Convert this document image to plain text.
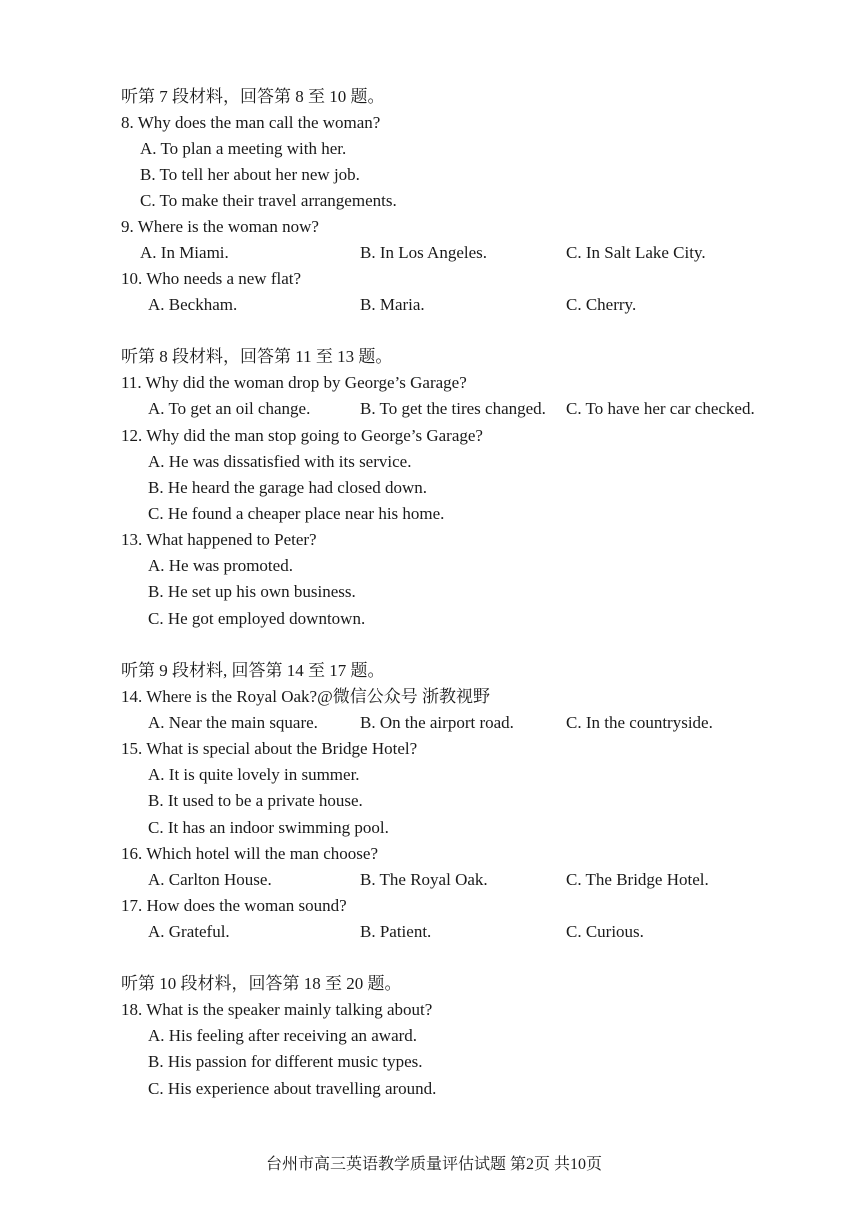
听第 7 段材料，回答第 8 至 10 题。
8. Why does the man call the woman?
A. To plan a meeting with her.
B. To tell her about her new job.
C. To make their travel arrangements.
9. Where is the woman now?
A. In Miami.	B. In Los Angeles.	C. In Salt Lake City.
10. Who needs a new flat?
A. Beckham.	B. Maria.	C. Cherry.
听第 8 段材料，回答第 11 至 13 题。
11. Why did the woman drop by George’s Garage?
A. To get an oil change.	B. To get the tires changed. C. To have her car checked.
12. Why did the man stop going to George’s Garage?
A. He was dissatisfied with its service.
B. He heard the garage had closed down.
C. He found a cheaper place near his home.
13. What happened to Peter?
A. He was promoted.
B. He set up his own business.
C. He got employed downtown.
听第 9 段材料, 回答第 14 至 17 题。
14. Where is the Royal Oak?@微信公众号 浙教视野
A. Near the main square. B. On the airport road.	C. In the countryside.
15. What is special about the Bridge Hotel?
A. It is quite lovely in summer.
B. It used to be a private house.
C. It has an indoor swimming pool.
16. Which hotel will the man choose?
A. Carlton House.	B. The Royal Oak.	C. The Bridge Hotel.
17. How does the woman sound?
A. Grateful.	B. Patient.	C. Curious.
听第 10 段材料，回答第 18 至 20 题。
18. What is the speaker mainly talking about?
A. His feeling after receiving an award.
B. His passion for different music types.
C. His experience about travelling around.
台州市高三英语教学质量评估试题 第2页 共10页
